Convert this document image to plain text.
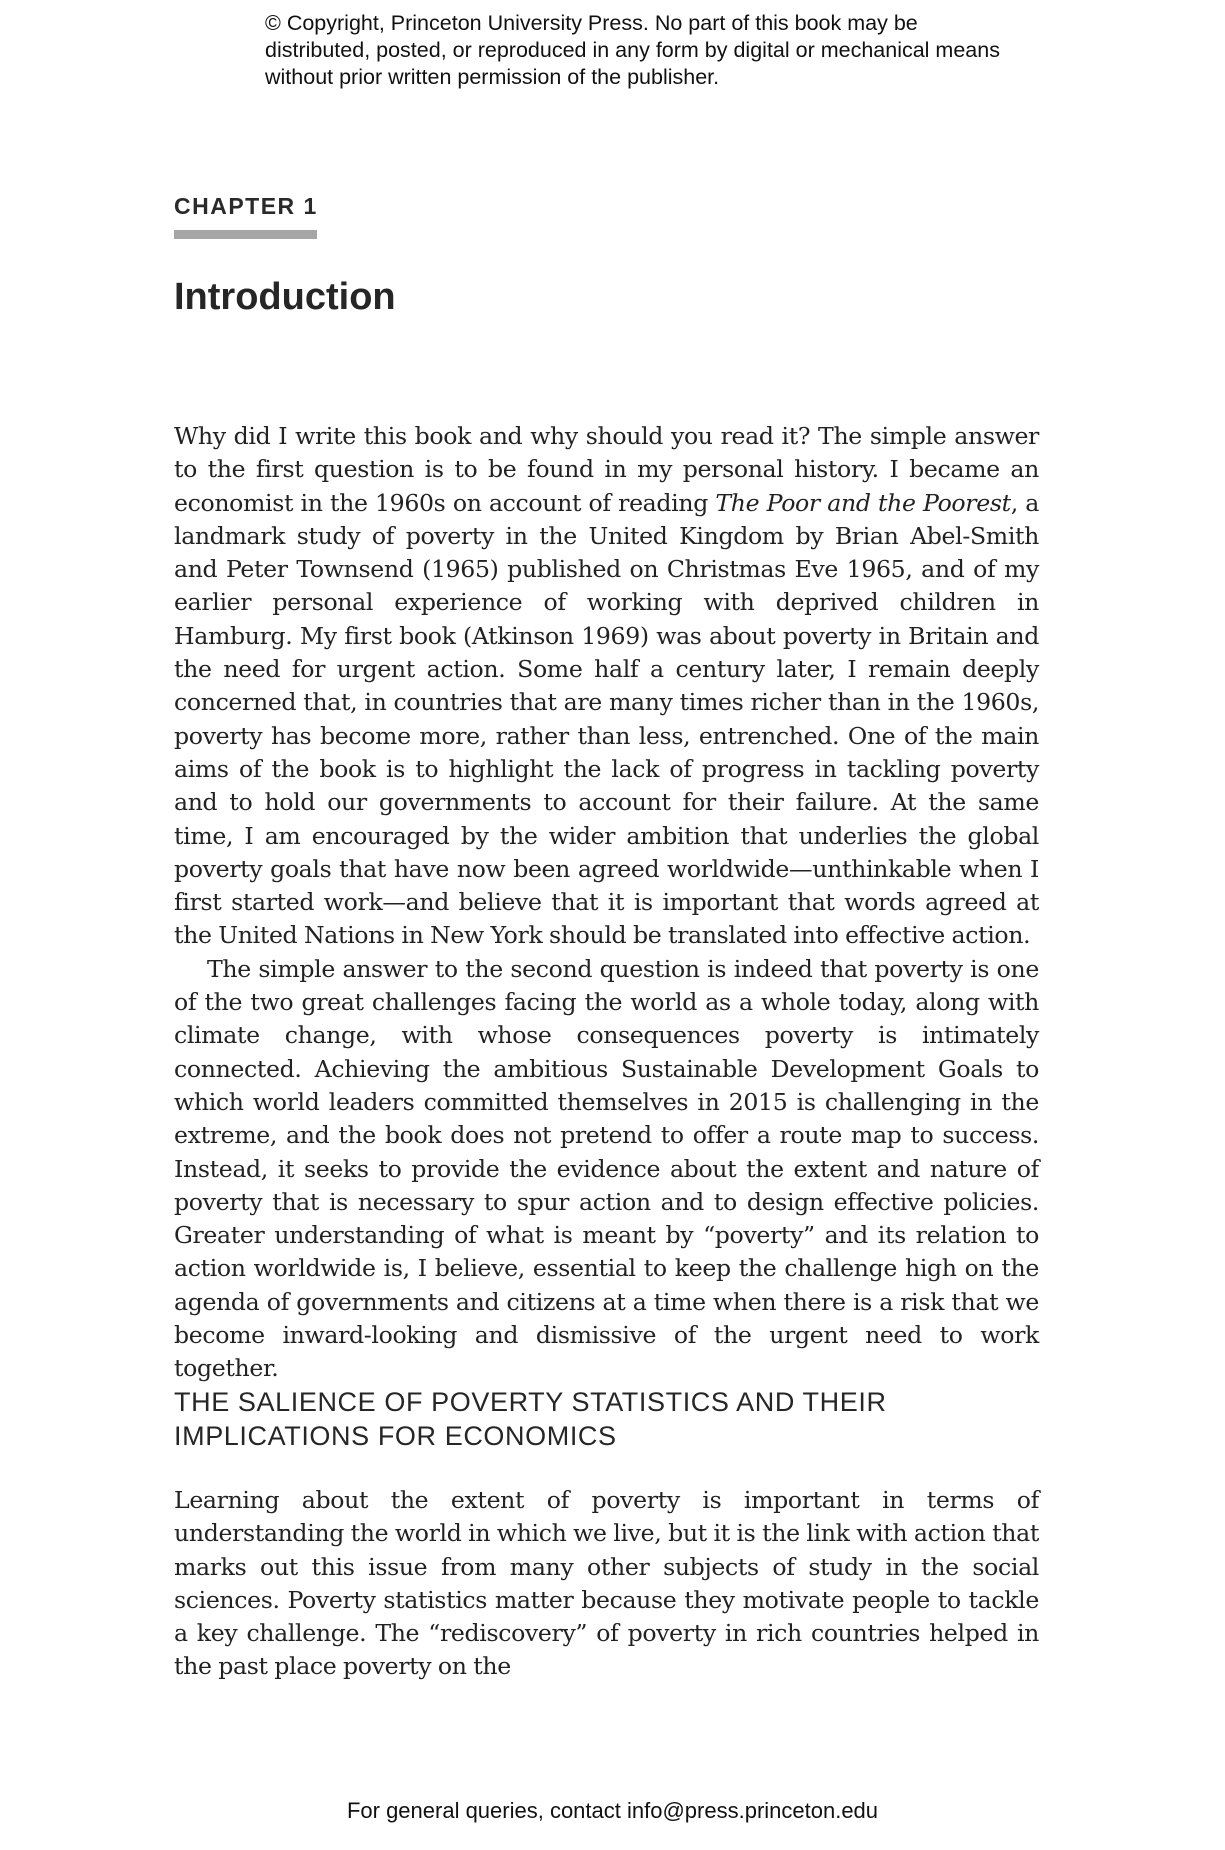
© Copyright, Princeton University Press. No part of this book may be distributed, posted, or reproduced in any form by digital or mechanical means without prior written permission of the publisher.
CHAPTER 1
Introduction

Why did I write this book and why should you read it? The simple answer to the first question is to be found in my personal history. I became an economist in the 1960s on account of reading The Poor and the Poorest, a landmark study of poverty in the United Kingdom by Brian Abel-Smith and Peter Townsend (1965) published on Christmas Eve 1965, and of my earlier personal experience of working with deprived children in Hamburg. My first book (Atkinson 1969) was about poverty in Britain and the need for urgent action. Some half a century later, I remain deeply concerned that, in countries that are many times richer than in the 1960s, poverty has become more, rather than less, entrenched. One of the main aims of the book is to highlight the lack of progress in tackling poverty and to hold our governments to account for their failure. At the same time, I am encouraged by the wider ambition that underlies the global poverty goals that have now been agreed worldwide—unthinkable when I first started work—and believe that it is important that words agreed at the United Nations in New York should be translated into effective action.

The simple answer to the second question is indeed that poverty is one of the two great challenges facing the world as a whole today, along with climate change, with whose consequences poverty is intimately connected. Achieving the ambitious Sustainable Development Goals to which world leaders committed themselves in 2015 is challenging in the extreme, and the book does not pretend to offer a route map to success. Instead, it seeks to provide the evidence about the extent and nature of poverty that is necessary to spur action and to design effective policies. Greater understanding of what is meant by “poverty” and its relation to action worldwide is, I believe, essential to keep the challenge high on the agenda of governments and citizens at a time when there is a risk that we become inward-looking and dismissive of the urgent need to work together.

THE SALIENCE OF POVERTY STATISTICS AND THEIR IMPLICATIONS FOR ECONOMICS

Learning about the extent of poverty is important in terms of understanding the world in which we live, but it is the link with action that marks out this issue from many other subjects of study in the social sciences. Poverty statistics matter because they motivate people to tackle a key challenge. The “rediscovery” of poverty in rich countries helped in the past place poverty on the

For general queries, contact info@press.princeton.edu
